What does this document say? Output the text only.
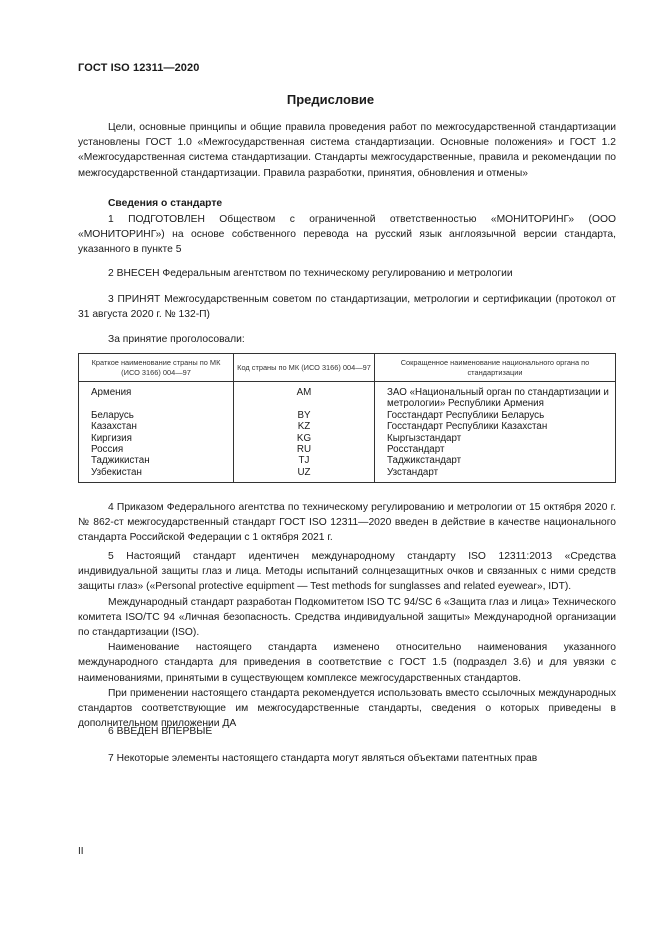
ГОСТ ISO 12311—2020
Предисловие

Цели, основные принципы и общие правила проведения работ по межгосударственной стандартизации установлены ГОСТ 1.0 «Межгосударственная система стандартизации. Основные положения» и ГОСТ 1.2 «Межгосударственная система стандартизации. Стандарты межгосударственные, правила и рекомендации по межгосударственной стандартизации. Правила разработки, принятия, обновления и отмены»

Сведения о стандарте

1 ПОДГОТОВЛЕН Обществом с ограниченной ответственностью «МОНИТОРИНГ» (ООО «МОНИТОРИНГ») на основе собственного перевода на русский язык англоязычной версии стандарта, указанного в пункте 5

2 ВНЕСЕН Федеральным агентством по техническому регулированию и метрологии

3 ПРИНЯТ Межгосударственным советом по стандартизации, метрологии и сертификации (протокол от 31 августа 2020 г. № 132-П)

За принятие проголосовали:

Краткое наименование страны по МК (ИСО 3166) 004—97	Код страны по МК (ИСО 3166) 004—97	Сокращенное наименование национального органа по стандартизации
Армения	AM	ЗАО «Национальный орган по стандартизации и метрологии» Республики Армения
Беларусь	BY	Госстандарт Республики Беларусь
Казахстан	KZ	Госстандарт Республики Казахстан
Киргизия	KG	Кыргызстандарт
Россия	RU	Росстандарт
Таджикистан	TJ	Таджикстандарт
Узбекистан	UZ	Узстандарт

4 Приказом Федерального агентства по техническому регулированию и метрологии от 15 октября 2020 г. № 862-ст межгосударственный стандарт ГОСТ ISO 12311—2020 введен в действие в качестве национального стандарта Российской Федерации с 1 октября 2021 г.

5 Настоящий стандарт идентичен международному стандарту ISO 12311:2013 «Средства индивидуальной защиты глаз и лица. Методы испытаний солнцезащитных очков и связанных с ними средств защиты глаз» («Personal protective equipment — Test methods for sunglasses and related eyewear», IDT).

Международный стандарт разработан Подкомитетом ISO TC 94/SC 6 «Защита глаз и лица» Технического комитета ISO/TC 94 «Личная безопасность. Средства индивидуальной защиты» Международной организации по стандартизации (ISO).

Наименование настоящего стандарта изменено относительно наименования указанного международного стандарта для приведения в соответствие с ГОСТ 1.5 (подраздел 3.6) и для увязки с наименованиями, принятыми в существующем комплексе межгосударственных стандартов.

При применении настоящего стандарта рекомендуется использовать вместо ссылочных международных стандартов соответствующие им межгосударственные стандарты, сведения о которых приведены в дополнительном приложении ДА

6 ВВЕДЕН ВПЕРВЫЕ

7 Некоторые элементы настоящего стандарта могут являться объектами патентных прав

II
